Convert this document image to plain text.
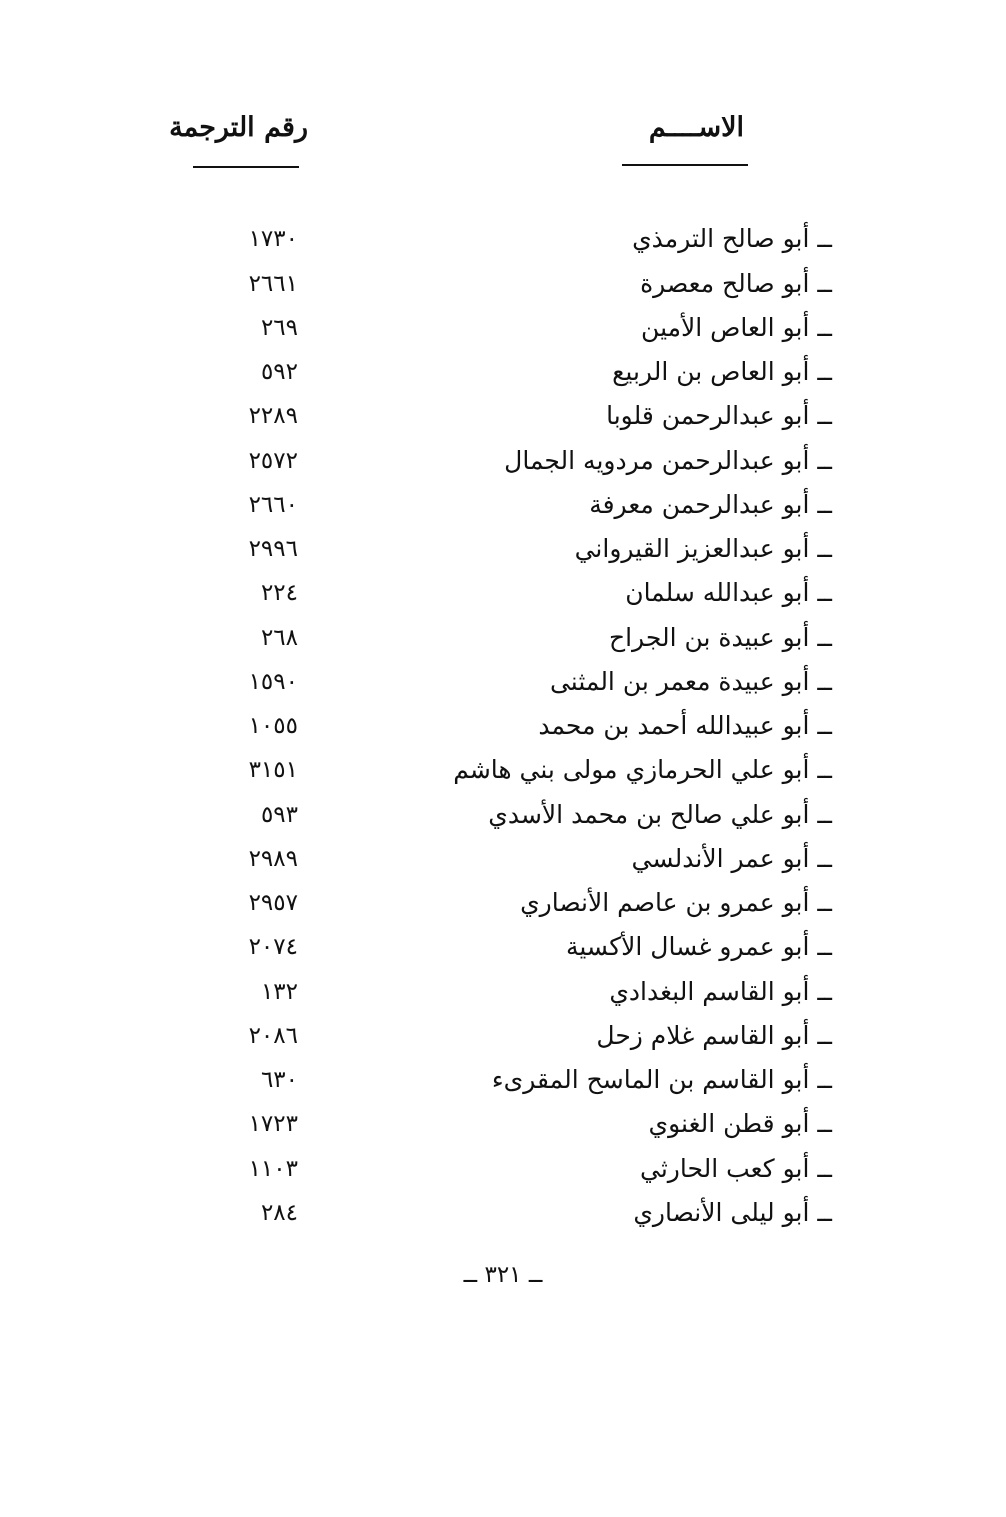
الاســــم
رقم الترجمة
ــ أبو صالح الترمذي
١٧٣٠
ــ أبو صالح معصرة
٢٦٦١
ــ أبو العاص الأمين
٢٦٩
ــ أبو العاص بن الربيع
٥٩٢
ــ أبو عبدالرحمن قلوبا
٢٢٨٩
ــ أبو عبدالرحمن مردويه الجمال
٢٥٧٢
ــ أبو عبدالرحمن معرفة
٢٦٦٠
ــ أبو عبدالعزيز القيرواني
٢٩٩٦
ــ أبو عبدالله سلمان
٢٢٤
ــ أبو عبيدة بن الجراح
٢٦٨
ــ أبو عبيدة معمر بن المثنى
١٥٩٠
ــ أبو عبيدالله أحمد بن محمد
١٠٥٥
ــ أبو علي الحرمازي مولى بني هاشم
٣١٥١
ــ أبو علي صالح بن محمد الأسدي
٥٩٣
ــ أبو عمر الأندلسي
٢٩٨٩
ــ أبو عمرو بن عاصم الأنصاري
٢٩٥٧
ــ أبو عمرو غسال الأكسية
٢٠٧٤
ــ أبو القاسم البغدادي
١٣٢
ــ أبو القاسم غلام زحل
٢٠٨٦
ــ أبو القاسم بن الماسح المقرىء
٦٣٠
ــ أبو قطن الغنوي
١٧٢٣
ــ أبو كعب الحارثي
١١٠٣
ــ أبو ليلى الأنصاري
٢٨٤
ــ ٣٢١ ــ
